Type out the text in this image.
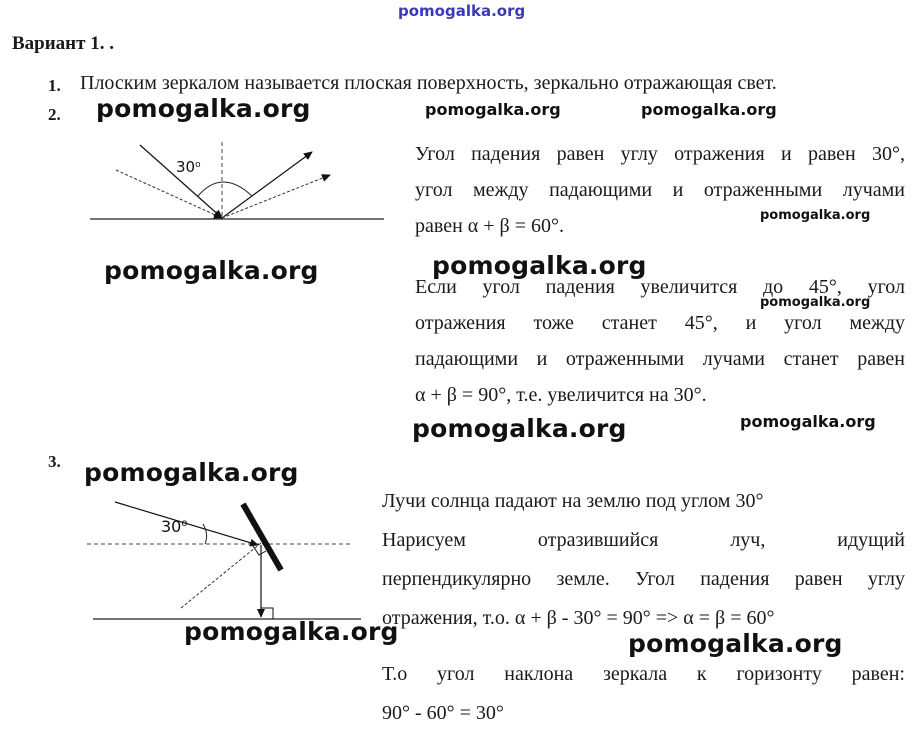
pomogalka.org
Вариант 1. .
1. Плоским зеркалом называется плоская поверхность, зеркально отражающая свет.
2. pomogalka.org	pomogalka.org	pomogalka.org
$30^о$
pomogalka.org
Угол падения равен углу отражения и равен 30°,
угол между падающими и отраженными лучами
равен α + β = 60°.	pomogalka.org
pomogalka.org
Если угол падения увеличится до 45°, угол
отражения тоже станет 45°, и угол между
падающими и отраженными лучами станет равен
α + β = 90°, т.е. увеличится на 30°.
pomogalka.org
pomogalka.org	pomogalka.org
3. pomogalka.org
$30^о$
pomogalka.org
Лучи солнца падают на землю под углом 30°
Нарисуем отразившийся луч, идущий
перпендикулярно земле. Угол падения равен углу
отражения, т.о. α + β - 30° = 90° => α = β = 60°
pomogalka.org
Т.о угол наклона зеркала к горизонту равен:
90° - 60° = 30°
